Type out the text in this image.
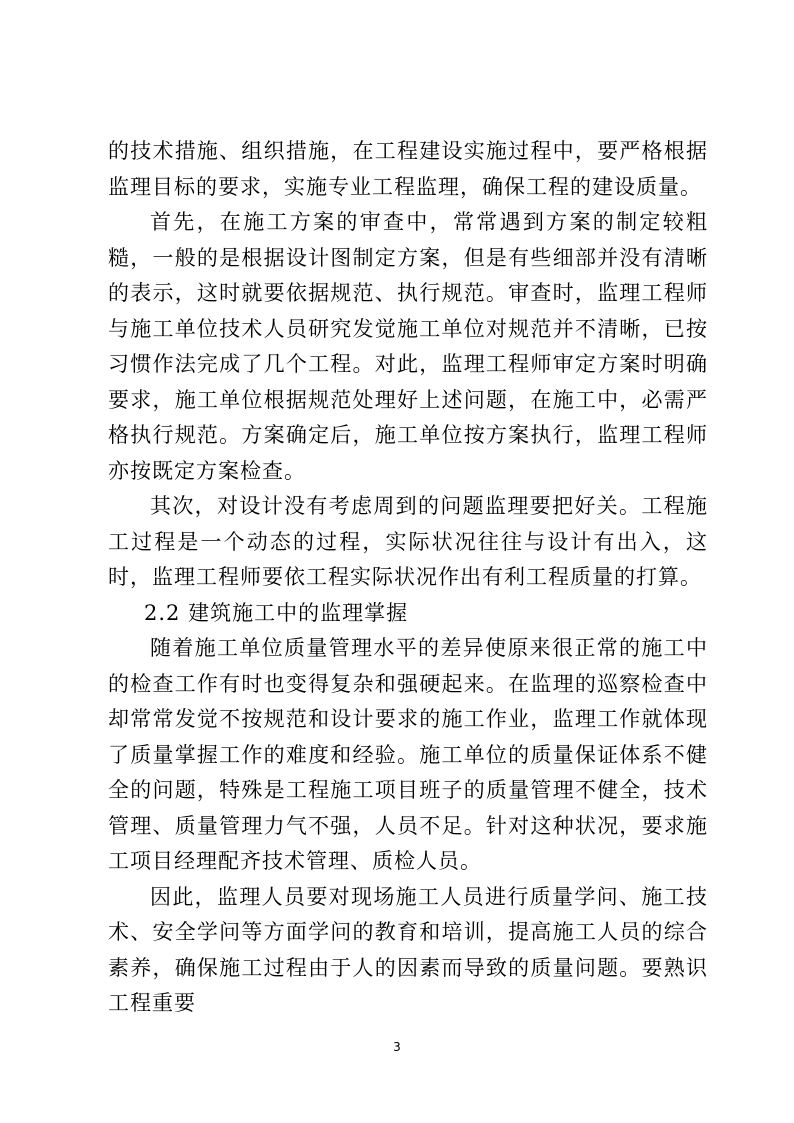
的技术措施、组织措施，在工程建设实施过程中，要严格根据监理目标的要求，实施专业工程监理，确保工程的建设质量。

首先，在施工方案的审查中，常常遇到方案的制定较粗糙，一般的是根据设计图制定方案，但是有些细部并没有清晰的表示，这时就要依据规范、执行规范。审查时，监理工程师与施工单位技术人员研究发觉施工单位对规范并不清晰，已按习惯作法完成了几个工程。对此，监理工程师审定方案时明确要求，施工单位根据规范处理好上述问题，在施工中，必需严格执行规范。方案确定后，施工单位按方案执行，监理工程师亦按既定方案检查。

其次，对设计没有考虑周到的问题监理要把好关。工程施工过程是一个动态的过程，实际状况往往与设计有出入，这时，监理工程师要依工程实际状况作出有利工程质量的打算。

2.2 建筑施工中的监理掌握

随着施工单位质量管理水平的差异使原来很正常的施工中的检查工作有时也变得复杂和强硬起来。在监理的巡察检查中却常常发觉不按规范和设计要求的施工作业，监理工作就体现了质量掌握工作的难度和经验。施工单位的质量保证体系不健全的问题，特殊是工程施工项目班子的质量管理不健全，技术管理、质量管理力气不强，人员不足。针对这种状况，要求施工项目经理配齐技术管理、质检人员。

因此，监理人员要对现场施工人员进行质量学问、施工技术、安全学问等方面学问的教育和培训，提高施工人员的综合素养，确保施工过程由于人的因素而导致的质量问题。要熟识工程重要

3
